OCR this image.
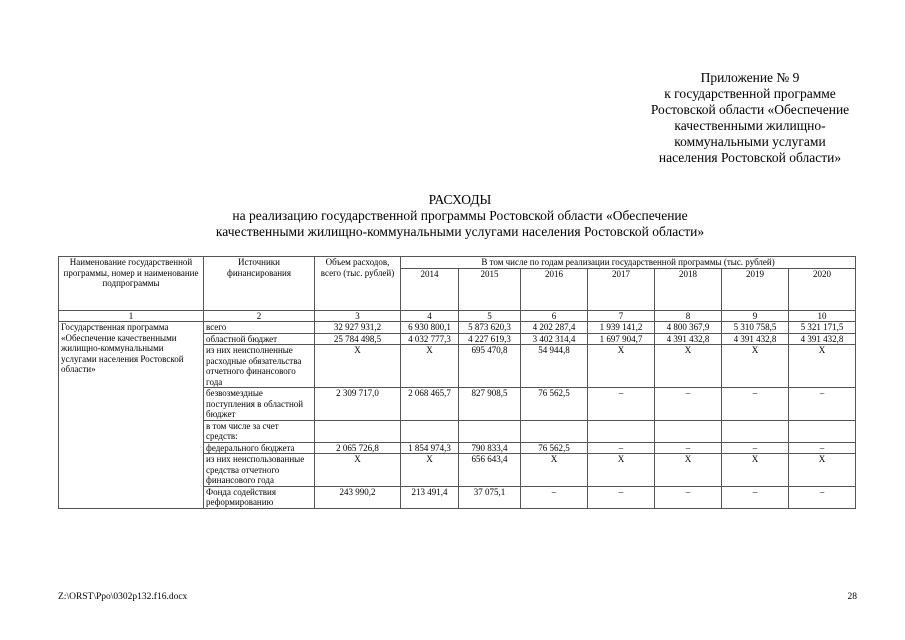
Приложение № 9
к государственной программе
Ростовской области «Обеспечение
качественными жилищно-
коммунальными услугами
населения Ростовской области»
РАСХОДЫ
на реализацию государственной программы Ростовской области «Обеспечение
качественными жилищно-коммунальными услугами населения Ростовской области»
Наименование государственной программы, номер и наименование подпрограммы	Источники финансирования	Объем расходов, всего (тыс. рублей)	В том числе по годам реализации государственной программы (тыс. рублей)						
			2014	2015	2016	2017	2018	2019	2020
1	2	3	4	5	6	7	8	9	10
Государственная программа «Обеспечение качественными жилищно-коммунальными услугами населения Ростовской области»	всего	32 927 931,2	6 930 800,1	5 873 620,3	4 202 287,4	1 939 141,2	4 800 367,9	5 310 758,5	5 321 171,5
	областной бюджет	25 784 498,5	4 032 777,3	4 227 619,3	3 402 314,4	1 697 904,7	4 391 432,8	4 391 432,8	4 391 432,8
	из них неисполненные расходные обязательства отчетного финансового года	X	X	695 470,8	54 944,8	X	X	X	X
	безвозмездные поступления в областной бюджет	2 309 717,0	2 068 465,7	827 908,5	76 562,5	–	–	–	–
	в том числе за счет средств:								
	федерального бюджета	2 065 726,8	1 854 974,3	790 833,4	76 562,5	–	–	–	–
	из них неиспользованные средства отчетного финансового года	X	X	656 643,4	X	X	X	X	X
	Фонда содействия реформированию	243 990,2	213 491,4	37 075,1	–	–	–	–	–
Z:\ORST\Ppo\0302p132.f16.docx	28
